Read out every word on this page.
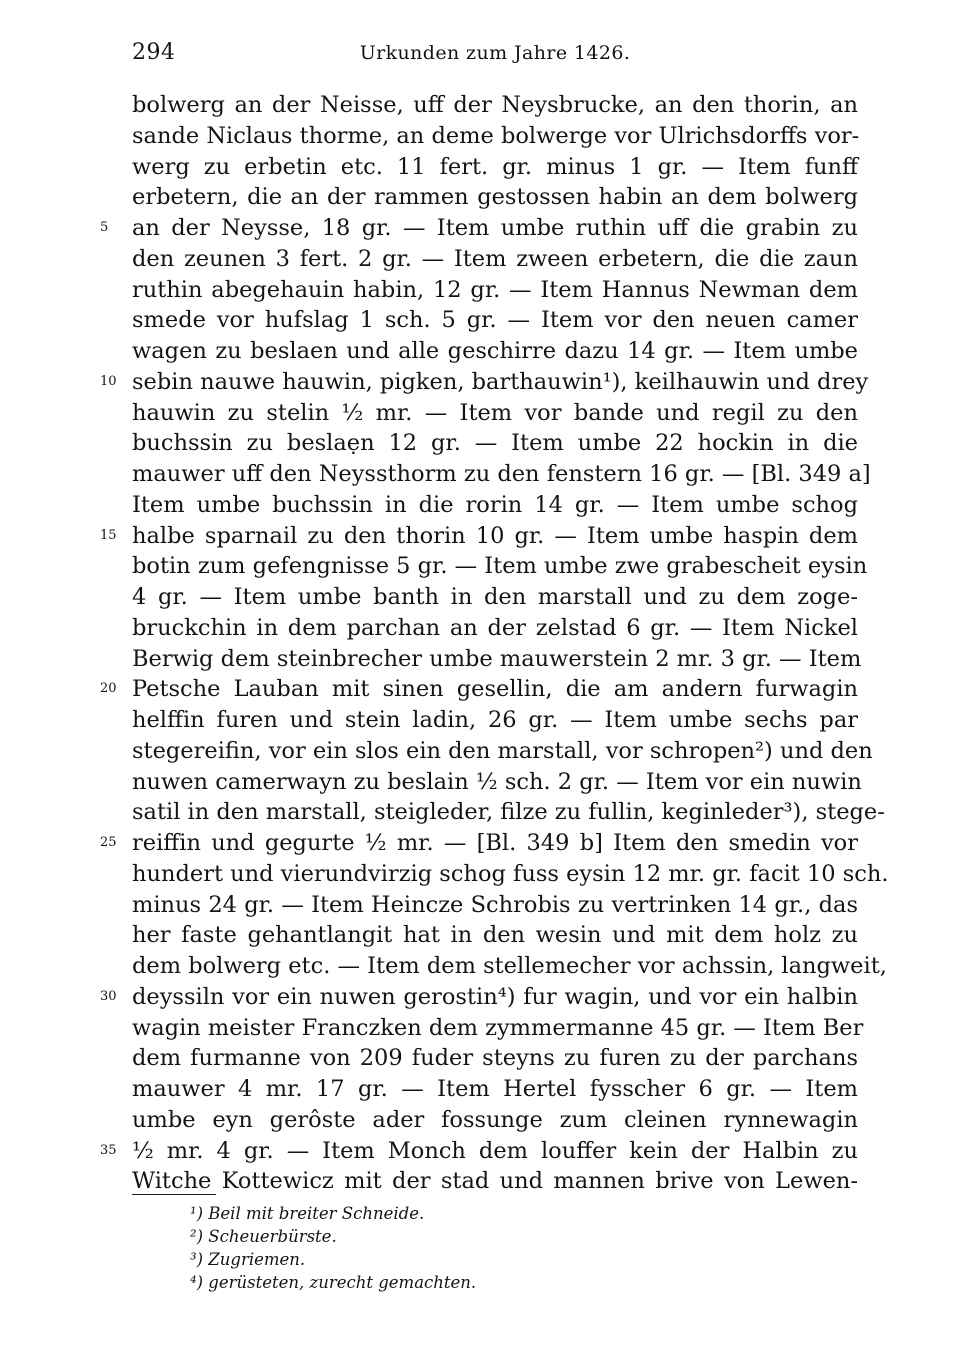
294	Urkunden zum Jahre 1426.
bolwerg an der Neisse, uff der Neysbrucke, an den thorin, an
sande Niclaus thorme, an deme bolwerge vor Ulrichsdorffs vor-
werg zu erbetin etc. 11 fert. gr. minus 1 gr. — Item funff
erbetern, die an der rammen gestossen habin an dem bolwerg
5	an der Neysse, 18 gr. — Item umbe ruthin uff die grabin zu
den zeunen 3 fert. 2 gr. — Item zween erbetern, die die zaun
ruthin abegehauin habin, 12 gr. — Item Hannus Newman dem
smede vor hufslag 1 sch. 5 gr. — Item vor den neuen camer
wagen zu beslaen und alle geschirre dazu 14 gr. — Item umbe
10 sebin nauwe hauwin, pigken, barthauwin¹), keilhauwin und drey
hauwin zu stelin ½ mr. — Item vor bande und regil zu den
buchssin zu beslaẹn 12 gr. — Item umbe 22 hockin in die
mauwer uff den Neyssthorm zu den fenstern 16 gr. — [Bl. 349 a]
Item umbe buchssin in die rorin 14 gr. — Item umbe schog
15 halbe sparnail zu den thorin 10 gr. — Item umbe haspin dem
botin zum gefengnisse 5 gr. — Item umbe zwe grabescheit eysin
4 gr. — Item umbe banth in den marstall und zu dem zoge-
bruckchin in dem parchan an der zelstad 6 gr. — Item Nickel
Berwig dem steinbrecher umbe mauwerstein 2 mr. 3 gr. — Item
20 Petsche Lauban mit sinen gesellin, die am andern furwagin
helffin furen und stein ladin, 26 gr. — Item umbe sechs par
stegereifin, vor ein slos ein den marstall, vor schropen²) und den
nuwen camerwayn zu beslain ½ sch. 2 gr. — Item vor ein nuwin
satil in den marstall, steigleder, filze zu fullin, keginleder³), stege-
25 reiffin und gegurte ½ mr. — [Bl. 349 b] Item den smedin vor
hundert und vierundvirzig schog fuss eysin 12 mr. gr. facit 10 sch.
minus 24 gr. — Item Heincze Schrobis zu vertrinken 14 gr., das
her faste gehantlangit hat in den wesin und mit dem holz zu
dem bolwerg etc. — Item dem stellemecher vor achssin, langweit,
30 deyssiln vor ein nuwen gerostin⁴) fur wagin, und vor ein halbin
wagin meister Franczken dem zymmermanne 45 gr. — Item Ber
dem furmanne von 209 fuder steyns zu furen zu der parchans
mauwer 4 mr. 17 gr. — Item Hertel fysscher 6 gr. — Item
umbe eyn gerôste ader fossunge zum cleinen rynnewagin
35 ½ mr. 4 gr. — Item Monch dem louffer kein der Halbin zu
Witche Kottewicz mit der stad und mannen brive von Lewen-
¹) Beil mit breiter Schneide.
²) Scheuerbürste.
³) Zugriemen.
⁴) gerüsteten, zurecht gemachten.
